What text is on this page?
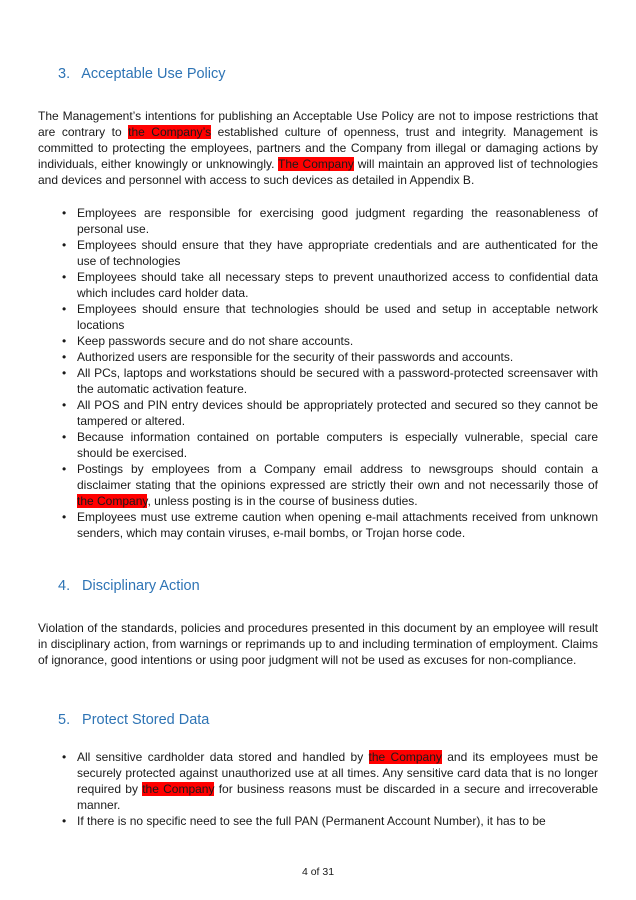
3. Acceptable Use Policy

The Management’s intentions for publishing an Acceptable Use Policy are not to impose restrictions that are contrary to the Company’s established culture of openness, trust and integrity. Management is committed to protecting the employees, partners and the Company from illegal or damaging actions by individuals, either knowingly or unknowingly. The Company will maintain an approved list of technologies and devices and personnel with access to such devices as detailed in Appendix B.

• Employees are responsible for exercising good judgment regarding the reasonableness of personal use.
• Employees should ensure that they have appropriate credentials and are authenticated for the use of technologies
• Employees should take all necessary steps to prevent unauthorized access to confidential data which includes card holder data.
• Employees should ensure that technologies should be used and setup in acceptable network locations
• Keep passwords secure and do not share accounts.
• Authorized users are responsible for the security of their passwords and accounts.
• All PCs, laptops and workstations should be secured with a password-protected screensaver with the automatic activation feature.
• All POS and PIN entry devices should be appropriately protected and secured so they cannot be tampered or altered.
• Because information contained on portable computers is especially vulnerable, special care should be exercised.
• Postings by employees from a Company email address to newsgroups should contain a disclaimer stating that the opinions expressed are strictly their own and not necessarily those of the Company, unless posting is in the course of business duties.
• Employees must use extreme caution when opening e-mail attachments received from unknown senders, which may contain viruses, e-mail bombs, or Trojan horse code.
4. Disciplinary Action

Violation of the standards, policies and procedures presented in this document by an employee will result in disciplinary action, from warnings or reprimands up to and including termination of employment. Claims of ignorance, good intentions or using poor judgment will not be used as excuses for non-compliance.

5. Protect Stored Data
• All sensitive cardholder data stored and handled by the Company and its employees must be securely protected against unauthorized use at all times. Any sensitive card data that is no longer required by the Company for business reasons must be discarded in a secure and irrecoverable manner.
• If there is no specific need to see the full PAN (Permanent Account Number), it has to be
4 of 31
